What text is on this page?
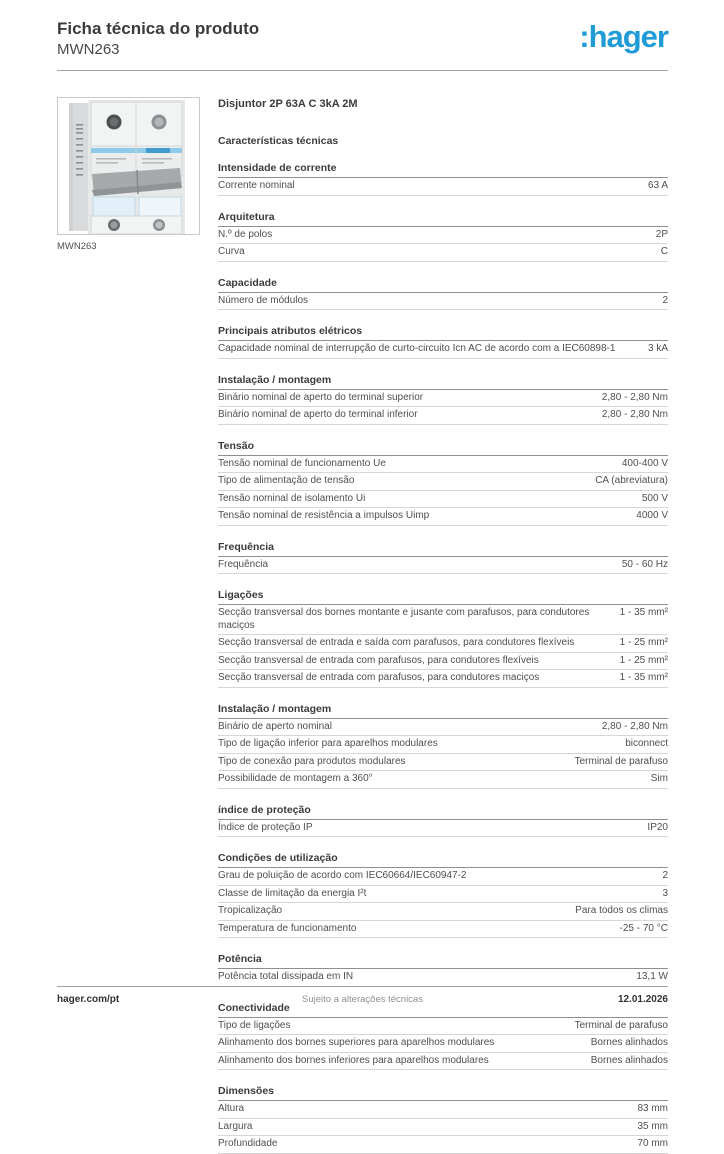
Ficha técnica do produto
MWN263	:hager
MWN263
Disjuntor 2P 63A C 3kA 2M
Características técnicas
Intensidade de corrente
Corrente nominal	63 A
Arquitetura
N.º de polos	2P
Curva	C
Capacidade
Número de módulos	2
Principais atributos elétricos
Capacidade nominal de interrupção de curto-circuito Icn AC de acordo com a IEC60898-1	3 kA
Instalação / montagem
Binário nominal de aperto do terminal superior	2,80 - 2,80 Nm
Binário nominal de aperto do terminal inferior	2,80 - 2,80 Nm
Tensão
Tensão nominal de funcionamento Ue	400-400 V
Tipo de alimentação de tensão	CA (abreviatura)
Tensão nominal de isolamento Ui	500 V
Tensão nominal de resistência a impulsos Uimp	4000 V
Frequência
Frequência	50 - 60 Hz
Ligações
Secção transversal dos bornes montante e jusante com parafusos, para condutores maciços
1 - 35 mm²
Secção transversal de entrada e saída com parafusos, para condutores flexíveis	1 - 25 mm²
Secção transversal de entrada com parafusos, para condutores flexíveis	1 - 25 mm²
Secção transversal de entrada com parafusos, para condutores maciços	1 - 35 mm²
Instalação / montagem
Binário de aperto nominal	2,80 - 2,80 Nm
Tipo de ligação inferior para aparelhos modulares	biconnect
Tipo de conexão para produtos modulares	Terminal de parafuso
Possibilidade de montagem a 360°	Sim
índice de proteção
Índice de proteção IP	IP20
Condições de utilização
Grau de poluição de acordo com IEC60664/IEC60947-2	2
Classe de limitação da energia I²t	3
Tropicalização	Para todos os climas
Temperatura de funcionamento	-25 - 70 °C
Potência
Potência total dissipada em IN	13,1 W
Conectividade
Tipo de ligações	Terminal de parafuso
Alinhamento dos bornes superiores para aparelhos modulares	Bornes alinhados
Alinhamento dos bornes inferiores para aparelhos modulares	Bornes alinhados
Dimensões
Altura	83 mm
Largura	35 mm
Profundidade	70 mm
hager.com/pt	Sujeito a alterações técnicas	12.01.2026
